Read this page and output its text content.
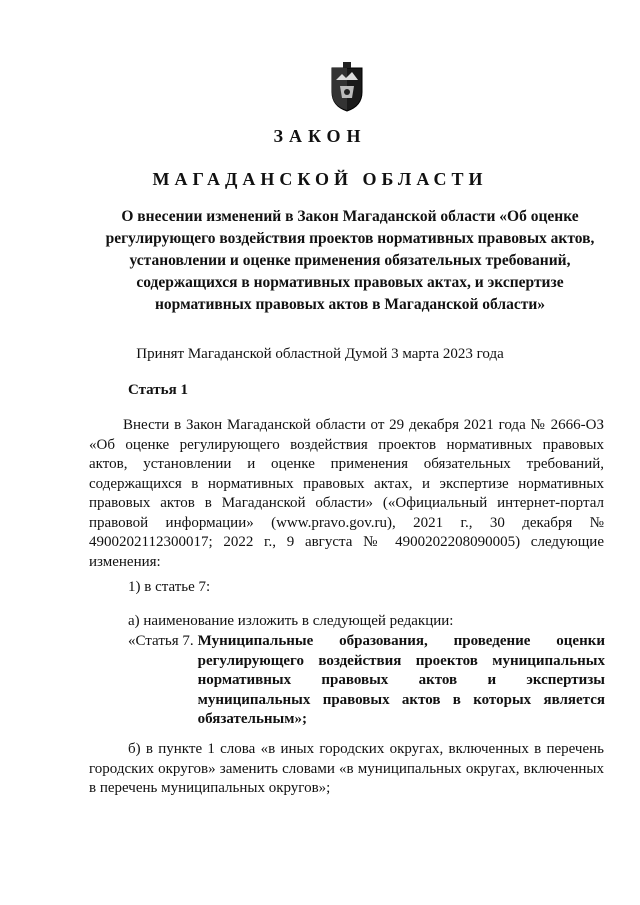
ЗАКОН
МАГАДАНСКОЙ ОБЛАСТИ
О внесении изменений в Закон Магаданской области «Об оценке регулирующего воздействия проектов нормативных правовых актов, установлении и оценке применения обязательных требований, содержащихся в нормативных правовых актах, и экспертизе нормативных правовых актов в Магаданской области»
Принят Магаданской областной Думой 3 марта 2023 года
Статья 1
Внести в Закон Магаданской области от 29 декабря 2021 года № 2666-ОЗ «Об оценке регулирующего воздействия проектов нормативных правовых актов, установлении и оценке применения обязательных требований, содержащихся в нормативных правовых актах, и экспертизе нормативных правовых актов в Магаданской области» («Официальный интернет-портал правовой информации» (www.pravo.gov.ru), 2021 г., 30 декабря № 4900202112300017; 2022 г., 9 августа № 4900202208090005) следующие изменения:
1) в статье 7:
а) наименование изложить в следующей редакции:
«Статья 7. Муниципальные образования, проведение оценки регулирующего воздействия проектов муниципальных нормативных правовых актов и экспертизы муниципальных правовых актов в которых является обязательным»;
б) в пункте 1 слова «в иных городских округах, включенных в перечень городских округов» заменить словами «в муниципальных округах, включенных в перечень муниципальных округов»;
